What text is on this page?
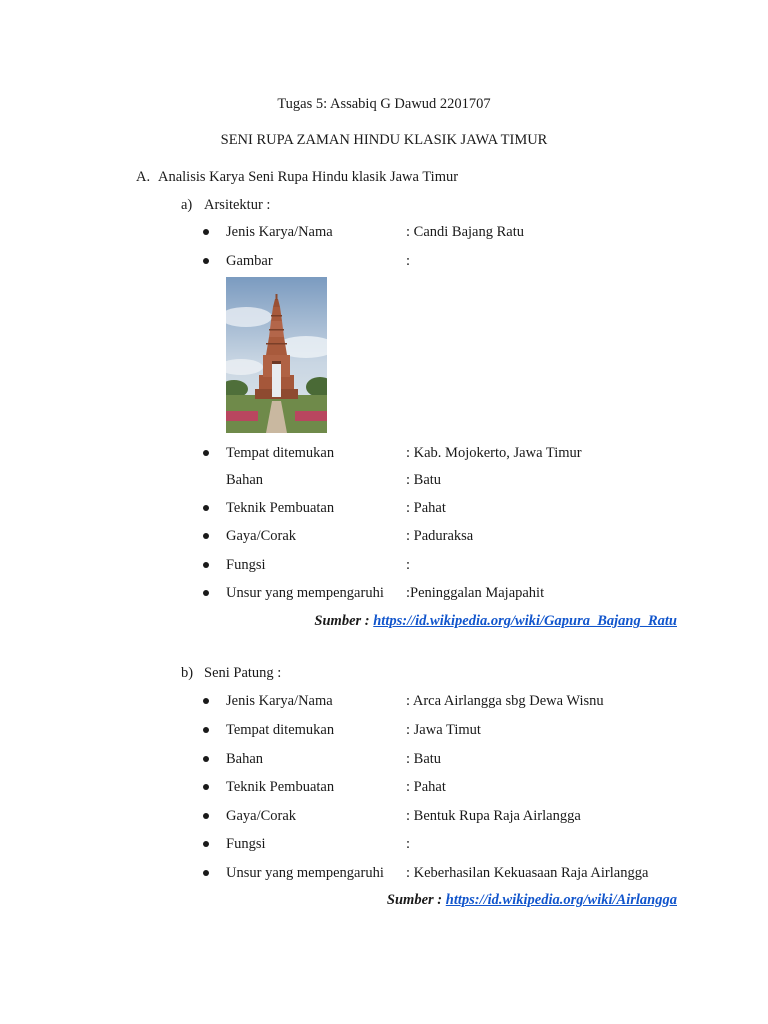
Tugas 5: Assabiq G Dawud 2201707
SENI RUPA ZAMAN HINDU KLASIK JAWA TIMUR
A. Analisis Karya Seni Rupa Hindu klasik Jawa Timur
a) Arsitektur :
Jenis Karya/Nama	: Candi Bajang Ratu
Gambar	:
Tempat ditemukan	: Kab. Mojokerto, Jawa Timur
Bahan	: Batu
Teknik Pembuatan	: Pahat
Gaya/Corak	: Paduraksa
Fungsi	:
Unsur yang mempengaruhi :Peninggalan Majapahit
Sumber : https://id.wikipedia.org/wiki/Gapura_Bajang_Ratu
b) Seni Patung :
Jenis Karya/Nama	: Arca Airlangga sbg Dewa Wisnu
Tempat ditemukan	: Jawa Timut
Bahan	: Batu
Teknik Pembuatan	: Pahat
Gaya/Corak	: Bentuk Rupa Raja Airlangga
Fungsi	:
Unsur yang mempengaruhi : Keberhasilan Kekuasaan Raja Airlangga
Sumber : https://id.wikipedia.org/wiki/Airlangga
